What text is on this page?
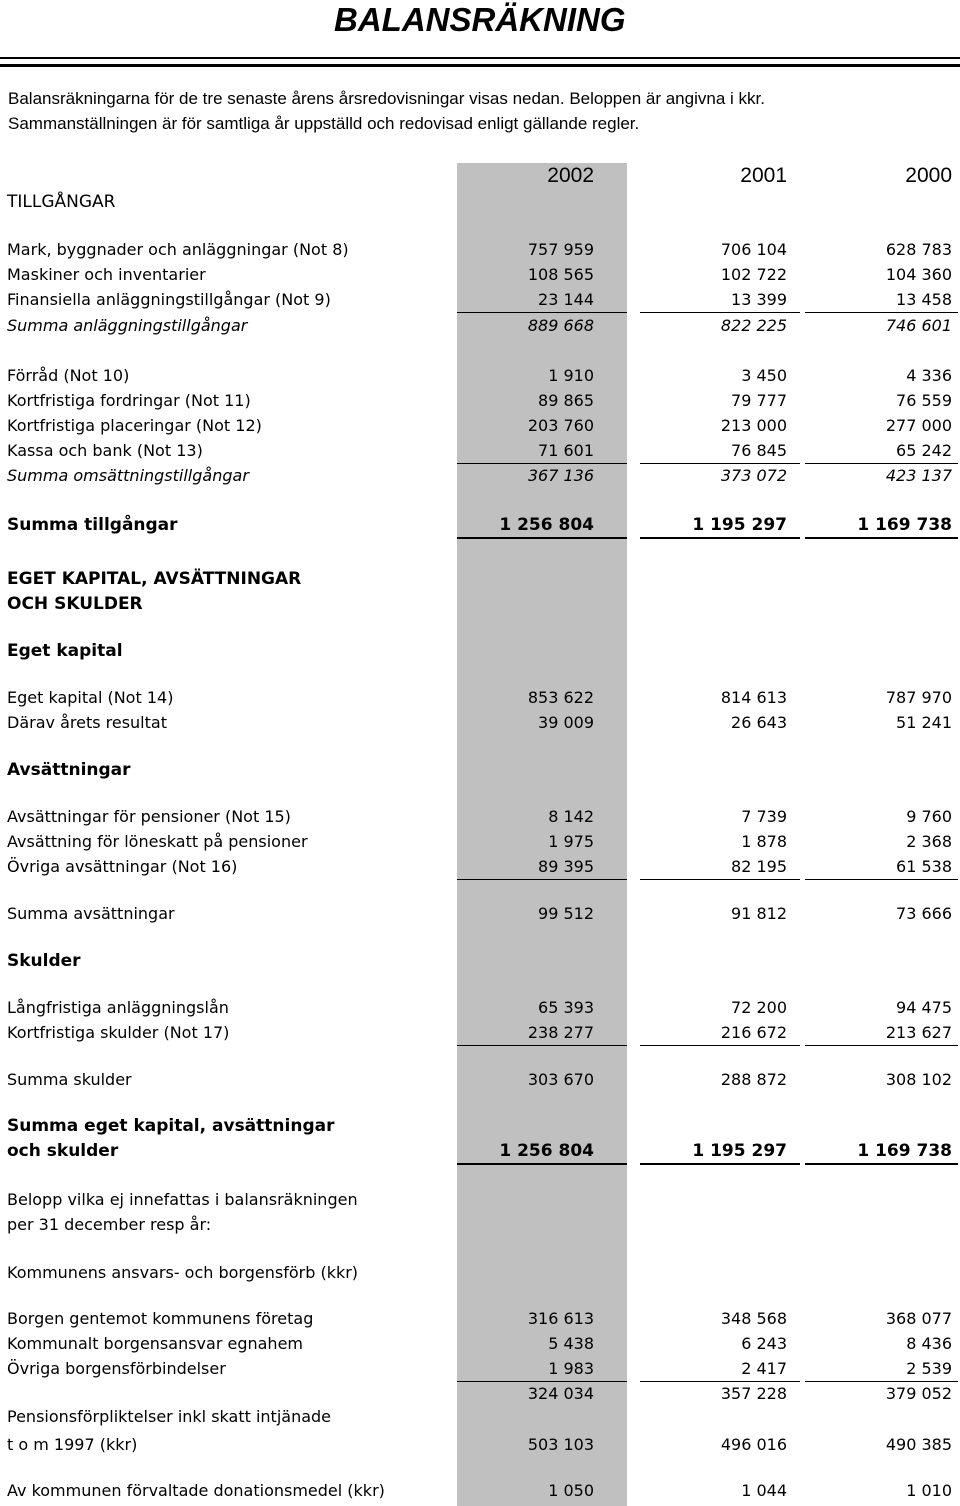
BALANSRÄKNING
Balansräkningarna för de tre senaste årens årsredovisningar visas nedan. Beloppen är angivna i kkr.
Sammanställningen är för samtliga år uppställd och redovisad enligt gällande regler.
2002	2001	2000
TILLGÅNGAR
Mark, byggnader och anläggningar (Not 8)	757 959	706 104	628 783
Maskiner och inventarier	108 565	102 722	104 360
Finansiella anläggningstillgångar (Not 9)	23 144	13 399	13 458
Summa anläggningstillgångar	889 668	822 225	746 601
Förråd (Not 10)	1 910	3 450	4 336
Kortfristiga fordringar (Not 11)	89 865	79 777	76 559
Kortfristiga placeringar (Not 12)	203 760	213 000	277 000
Kassa och bank (Not 13)	71 601	76 845	65 242
Summa omsättningstillgångar	367 136	373 072	423 137
Summa tillgångar	1 256 804	1 195 297	1 169 738
EGET KAPITAL, AVSÄTTNINGAR
OCH SKULDER
Eget kapital
Eget kapital (Not 14)	853 622	814 613	787 970
Därav årets resultat	39 009	26 643	51 241
Avsättningar
Avsättningar för pensioner (Not 15)	8 142	7 739	9 760
Avsättning för löneskatt på pensioner	1 975	1 878	2 368
Övriga avsättningar (Not 16)	89 395	82 195	61 538
Summa avsättningar	99 512	91 812	73 666
Skulder
Långfristiga anläggningslån	65 393	72 200	94 475
Kortfristiga skulder (Not 17)	238 277	216 672	213 627
Summa skulder	303 670	288 872	308 102
Summa eget kapital, avsättningar
och skulder	1 256 804	1 195 297	1 169 738
Belopp vilka ej innefattas i balansräkningen
per 31 december resp år:
Kommunens ansvars- och borgensförb (kkr)
Borgen gentemot kommunens företag	316 613	348 568	368 077
Kommunalt borgensansvar egnahem	5 438	6 243	8 436
Övriga borgensförbindelser	1 983	2 417	2 539
324 034	357 228	379 052
Pensionsförpliktelser inkl skatt intjänade
t o m 1997 (kkr)	503 103	496 016	490 385
Av kommunen förvaltade donationsmedel (kkr)	1 050	1 044	1 010
